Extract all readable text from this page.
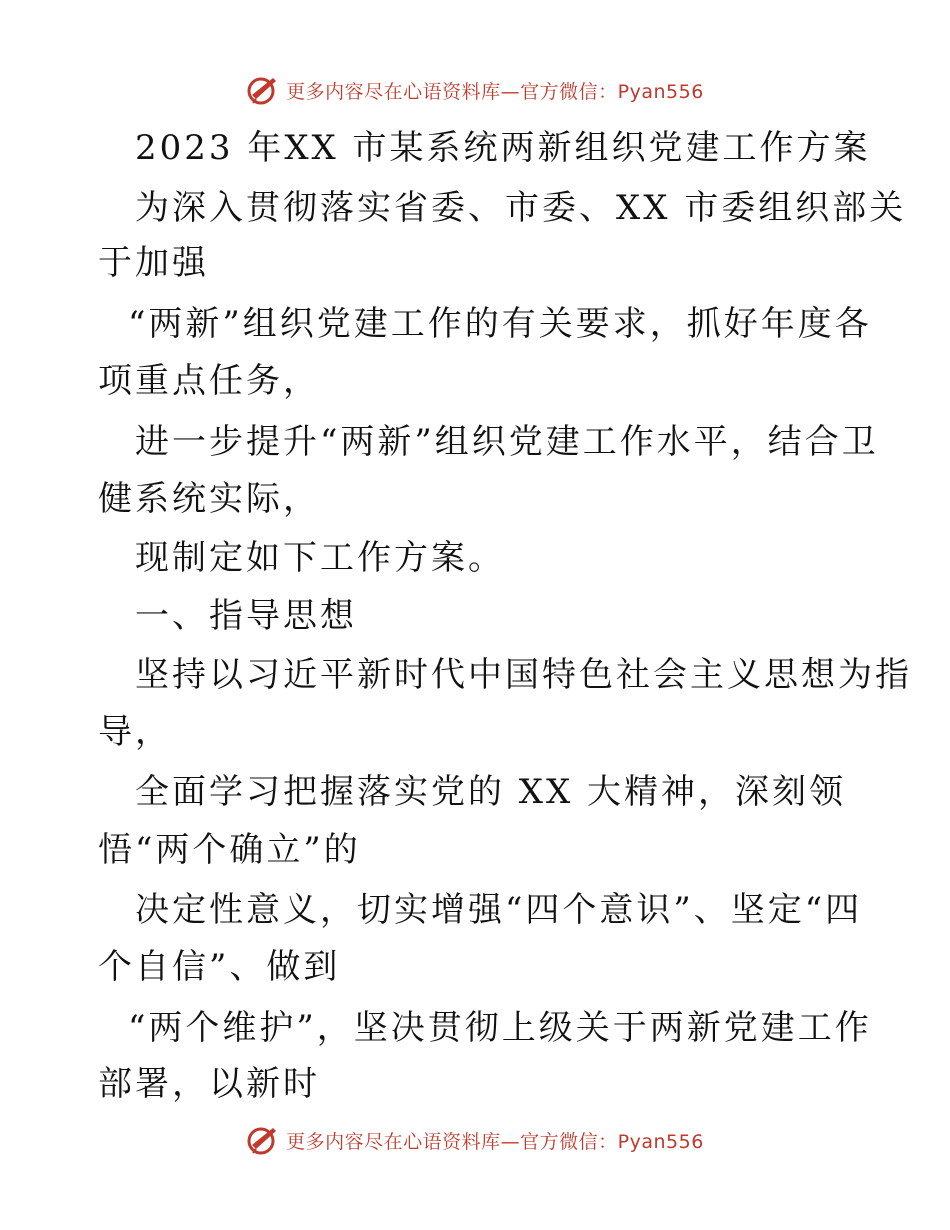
更多内容尽在心语资料库—官方微信：Pyan556
2023 年XX 市某系统两新组织党建工作方案
为深入贯彻落实省委、市委、XX 市委组织部关
于加强
“两新”组织党建工作的有关要求，抓好年度各
项重点任务，
进一步提升“两新”组织党建工作水平，结合卫
健系统实际，
现制定如下工作方案。
一、指导思想
坚持以习近平新时代中国特色社会主义思想为指
导，
全面学习把握落实党的 XX 大精神，深刻领
悟“两个确立”的
决定性意义，切实增强“四个意识”、坚定“四
个自信”、做到
“两个维护”，坚决贯彻上级关于两新党建工作
部署，以新时
更多内容尽在心语资料库—官方微信：Pyan556
